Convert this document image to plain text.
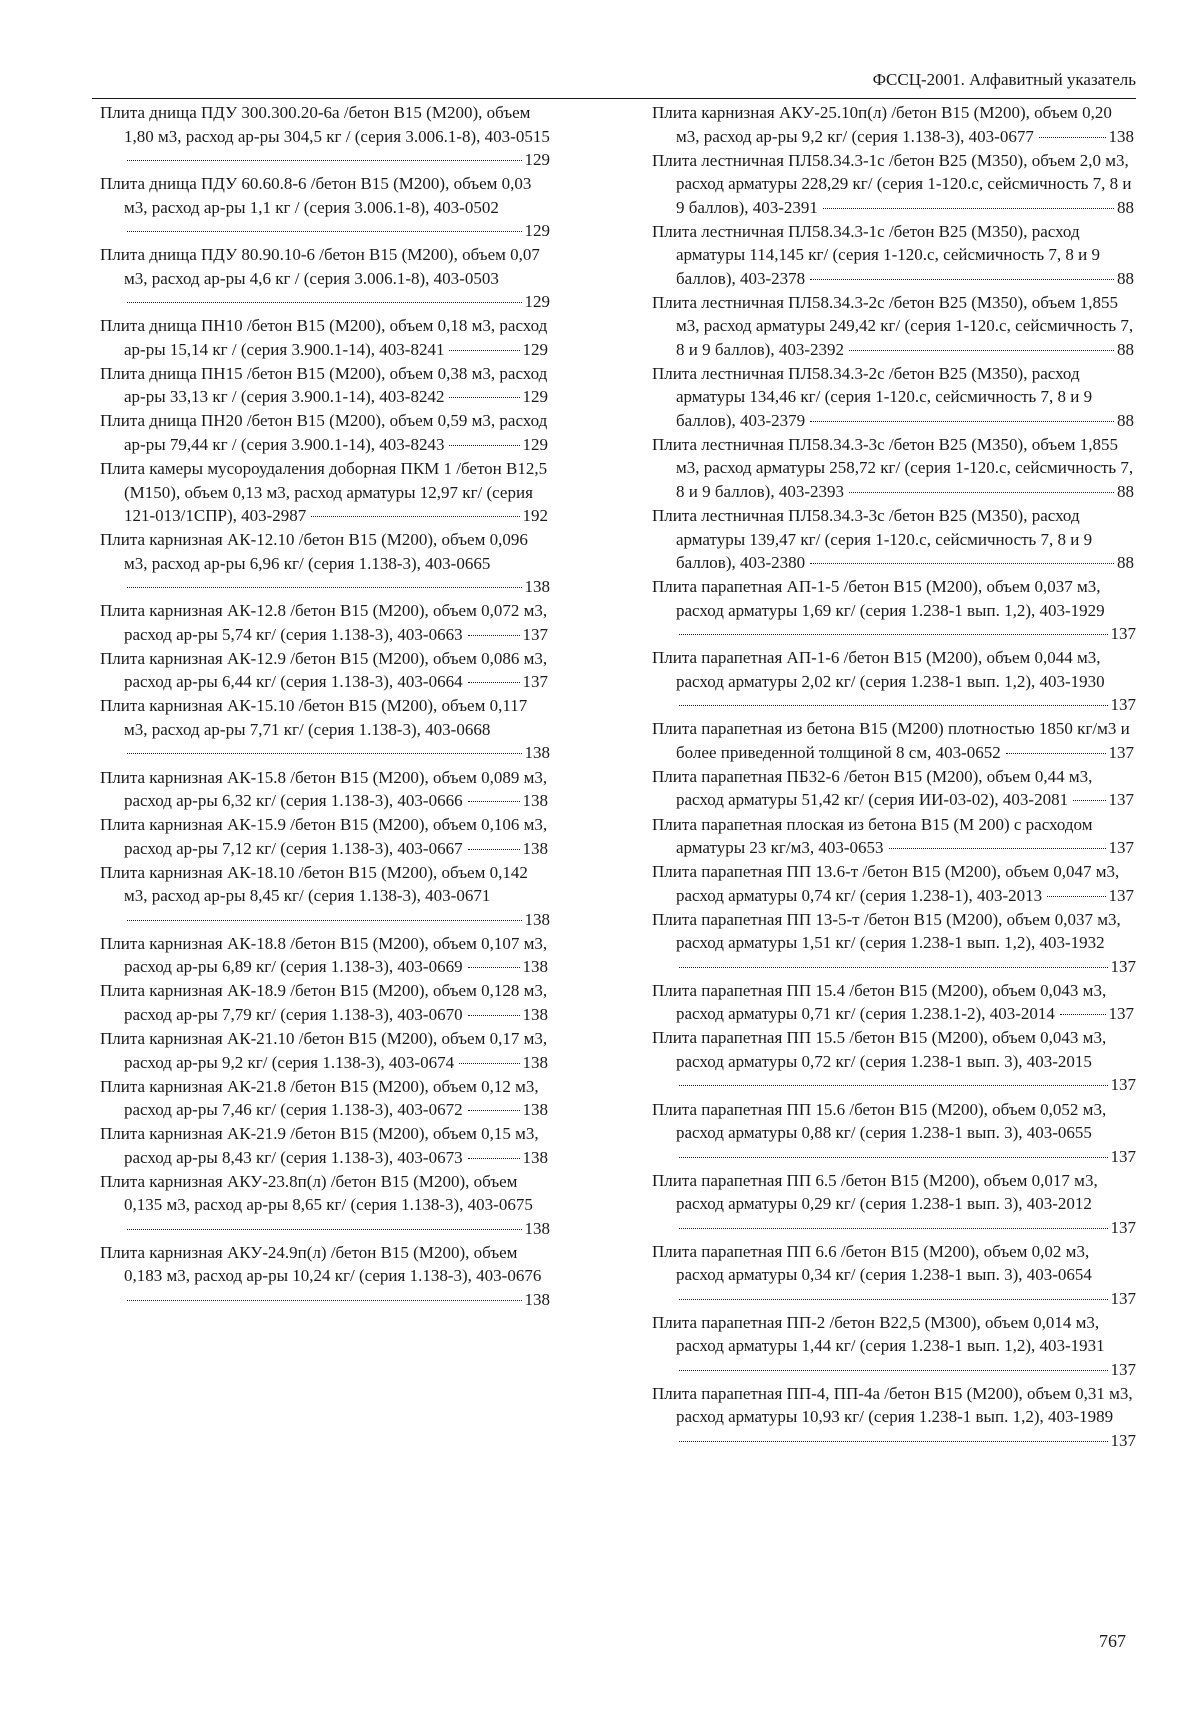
ФССЦ-2001. Алфавитный указатель
Плита днища ПДУ 300.300.20-6а /бетон В15 (М200), объем 1,80 м3, расход ар-ры 304,5 кг / (серия 3.006.1-8), 403-0515
129
Плита днища ПДУ 60.60.8-6 /бетон В15 (М200), объем 0,03 м3, расход ар-ры 1,1 кг / (серия 3.006.1-8), 403-0502
129
Плита днища ПДУ 80.90.10-6 /бетон В15 (М200), объем 0,07 м3, расход ар-ры 4,6 кг / (серия 3.006.1-8), 403-0503
129
Плита днища ПН10 /бетон В15 (М200), объем 0,18 м3, расход ар-ры 15,14 кг / (серия 3.900.1-14), 403-8241	129
Плита днища ПН15 /бетон В15 (М200), объем 0,38 м3, расход ар-ры 33,13 кг / (серия 3.900.1-14), 403-8242	129
Плита днища ПН20 /бетон В15 (М200), объем 0,59 м3, расход ар-ры 79,44 кг / (серия 3.900.1-14), 403-8243	129
Плита камеры мусороудаления доборная ПКМ 1 /бетон В12,5 (М150), объем 0,13 м3, расход арматуры 12,97 кг/ (серия 121-013/1СПР), 403-2987	192
Плита карнизная АК-12.10 /бетон В15 (М200), объем 0,096 м3, расход ар-ры 6,96 кг/ (серия 1.138-3), 403-0665
138
Плита карнизная АК-12.8 /бетон В15 (М200), объем 0,072 м3, расход ар-ры 5,74 кг/ (серия 1.138-3), 403-0663	137
Плита карнизная АК-12.9 /бетон В15 (М200), объем 0,086 м3, расход ар-ры 6,44 кг/ (серия 1.138-3), 403-0664	137
Плита карнизная АК-15.10 /бетон В15 (М200), объем 0,117 м3, расход ар-ры 7,71 кг/ (серия 1.138-3), 403-0668
138
Плита карнизная АК-15.8 /бетон В15 (М200), объем 0,089 м3, расход ар-ры 6,32 кг/ (серия 1.138-3), 403-0666	138
Плита карнизная АК-15.9 /бетон В15 (М200), объем 0,106 м3, расход ар-ры 7,12 кг/ (серия 1.138-3), 403-0667	138
Плита карнизная АК-18.10 /бетон В15 (М200), объем 0,142 м3, расход ар-ры 8,45 кг/ (серия 1.138-3), 403-0671
138
Плита карнизная АК-18.8 /бетон В15 (М200), объем 0,107 м3, расход ар-ры 6,89 кг/ (серия 1.138-3), 403-0669	138
Плита карнизная АК-18.9 /бетон В15 (М200), объем 0,128 м3, расход ар-ры 7,79 кг/ (серия 1.138-3), 403-0670	138
Плита карнизная АК-21.10 /бетон В15 (М200), объем 0,17 м3, расход ар-ры 9,2 кг/ (серия 1.138-3), 403-0674	138
Плита карнизная АК-21.8 /бетон В15 (М200), объем 0,12 м3, расход ар-ры 7,46 кг/ (серия 1.138-3), 403-0672	138
Плита карнизная АК-21.9 /бетон В15 (М200), объем 0,15 м3, расход ар-ры 8,43 кг/ (серия 1.138-3), 403-0673	138
Плита карнизная АКУ-23.8п(л) /бетон В15 (М200), объем 0,135 м3, расход ар-ры 8,65 кг/ (серия 1.138-3), 403-0675
138
Плита карнизная АКУ-24.9п(л) /бетон В15 (М200), объем 0,183 м3, расход ар-ры 10,24 кг/ (серия 1.138-3), 403-0676
138
Плита карнизная АКУ-25.10п(л) /бетон В15 (М200), объем 0,20 м3, расход ар-ры 9,2 кг/ (серия 1.138-3), 403-0677	138
Плита лестничная ПЛ58.34.3-1с /бетон В25 (М350), объем 2,0 м3, расход арматуры 228,29 кг/ (серия 1-120.с, сейсмичность 7, 8 и 9 баллов), 403-2391	88
Плита лестничная ПЛ58.34.3-1с /бетон В25 (М350), расход арматуры 114,145 кг/ (серия 1-120.с, сейсмичность 7, 8 и 9 баллов), 403-2378	88
Плита лестничная ПЛ58.34.3-2с /бетон В25 (М350), объем 1,855 м3, расход арматуры 249,42 кг/ (серия 1-120.с, сейсмичность 7, 8 и 9 баллов), 403-2392	88
Плита лестничная ПЛ58.34.3-2с /бетон В25 (М350), расход арматуры 134,46 кг/ (серия 1-120.с, сейсмичность 7, 8 и 9 баллов), 403-2379	88
Плита лестничная ПЛ58.34.3-3с /бетон В25 (М350), объем 1,855 м3, расход арматуры 258,72 кг/ (серия 1-120.с, сейсмичность 7, 8 и 9 баллов), 403-2393	88
Плита лестничная ПЛ58.34.3-3с /бетон В25 (М350), расход арматуры 139,47 кг/ (серия 1-120.с, сейсмичность 7, 8 и 9 баллов), 403-2380	88
Плита парапетная АП-1-5 /бетон В15 (М200), объем 0,037 м3, расход арматуры 1,69 кг/ (серия 1.238-1 вып. 1,2), 403-1929
137
Плита парапетная АП-1-6 /бетон В15 (М200), объем 0,044 м3, расход арматуры 2,02 кг/ (серия 1.238-1 вып. 1,2), 403-1930
137
Плита парапетная из бетона В15 (М200) плотностью 1850 кг/м3 и более приведенной толщиной 8 см, 403-0652	137
Плита парапетная ПБ32-6 /бетон В15 (М200), объем 0,44 м3, расход арматуры 51,42 кг/ (серия ИИ-03-02), 403-2081 137
Плита парапетная плоская из бетона В15 (М 200) с расходом арматуры 23 кг/м3, 403-0653	137
Плита парапетная ПП 13.6-т /бетон В15 (М200), объем 0,047 м3, расход арматуры 0,74 кг/ (серия 1.238-1), 403-2013	137
Плита парапетная ПП 13-5-т /бетон В15 (М200), объем 0,037 м3, расход арматуры 1,51 кг/ (серия 1.238-1 вып. 1,2), 403-1932
137
Плита парапетная ПП 15.4 /бетон В15 (М200), объем 0,043 м3, расход арматуры 0,71 кг/ (серия 1.238.1-2), 403-2014	137
Плита парапетная ПП 15.5 /бетон В15 (М200), объем 0,043 м3, расход арматуры 0,72 кг/ (серия 1.238-1 вып. 3), 403-2015
137
Плита парапетная ПП 15.6 /бетон В15 (М200), объем 0,052 м3, расход арматуры 0,88 кг/ (серия 1.238-1 вып. 3), 403-0655
137
Плита парапетная ПП 6.5 /бетон В15 (М200), объем 0,017 м3, расход арматуры 0,29 кг/ (серия 1.238-1 вып. 3), 403-2012
137
Плита парапетная ПП 6.6 /бетон В15 (М200), объем 0,02 м3, расход арматуры 0,34 кг/ (серия 1.238-1 вып. 3), 403-0654
137
Плита парапетная ПП-2 /бетон В22,5 (М300), объем 0,014 м3, расход арматуры 1,44 кг/ (серия 1.238-1 вып. 1,2), 403-1931
137
Плита парапетная ПП-4, ПП-4а /бетон В15 (М200), объем 0,31 м3, расход арматуры 10,93 кг/ (серия 1.238-1 вып. 1,2), 403-1989
137
767
